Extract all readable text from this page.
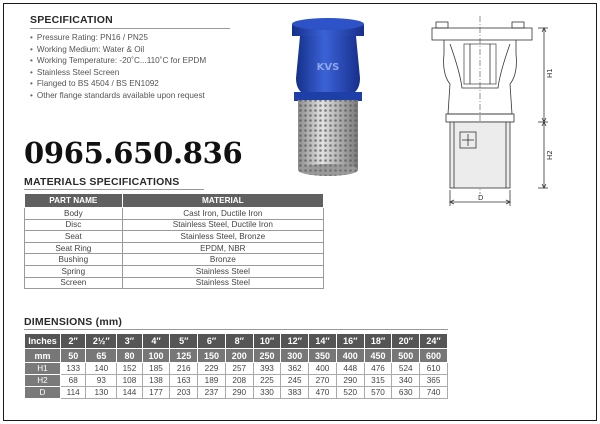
SPECIFICATION
• Pressure Rating: PN16 / PN25
• Working Medium: Water & Oil
• Working Temperature: -20˚C...110˚C for EPDM
• Stainless Steel Screen
• Flanged to BS 4504 / BS EN1092
• Other flange standards available upon request
0965.650.836
KVS
H1
H2
D
MATERIALS SPECIFICATIONS
PART NAME	MATERIAL
Body	Cast Iron, Ductile Iron
Disc	Stainless Steel, Ductile Iron
Seat	Stainless Steel, Bronze
Seat Ring	EPDM, NBR
Bushing	Bronze
Spring	Stainless Steel
Screen	Stainless Steel
DIMENSIONS (mm)
Inches	2″	2½″	3″	4″	5″	6″	8″	10″	12″	14″	16″	18″	20″	24″
mm	50	65	80	100	125	150	200	250	300	350	400	450	500	600
H1	133	140	152	185	216	229	257	393	362	400	448	476	524	610
H2	68	93	108	138	163	189	208	225	245	270	290	315	340	365
D	114	130	144	177	203	237	290	330	383	470	520	570	630	740
